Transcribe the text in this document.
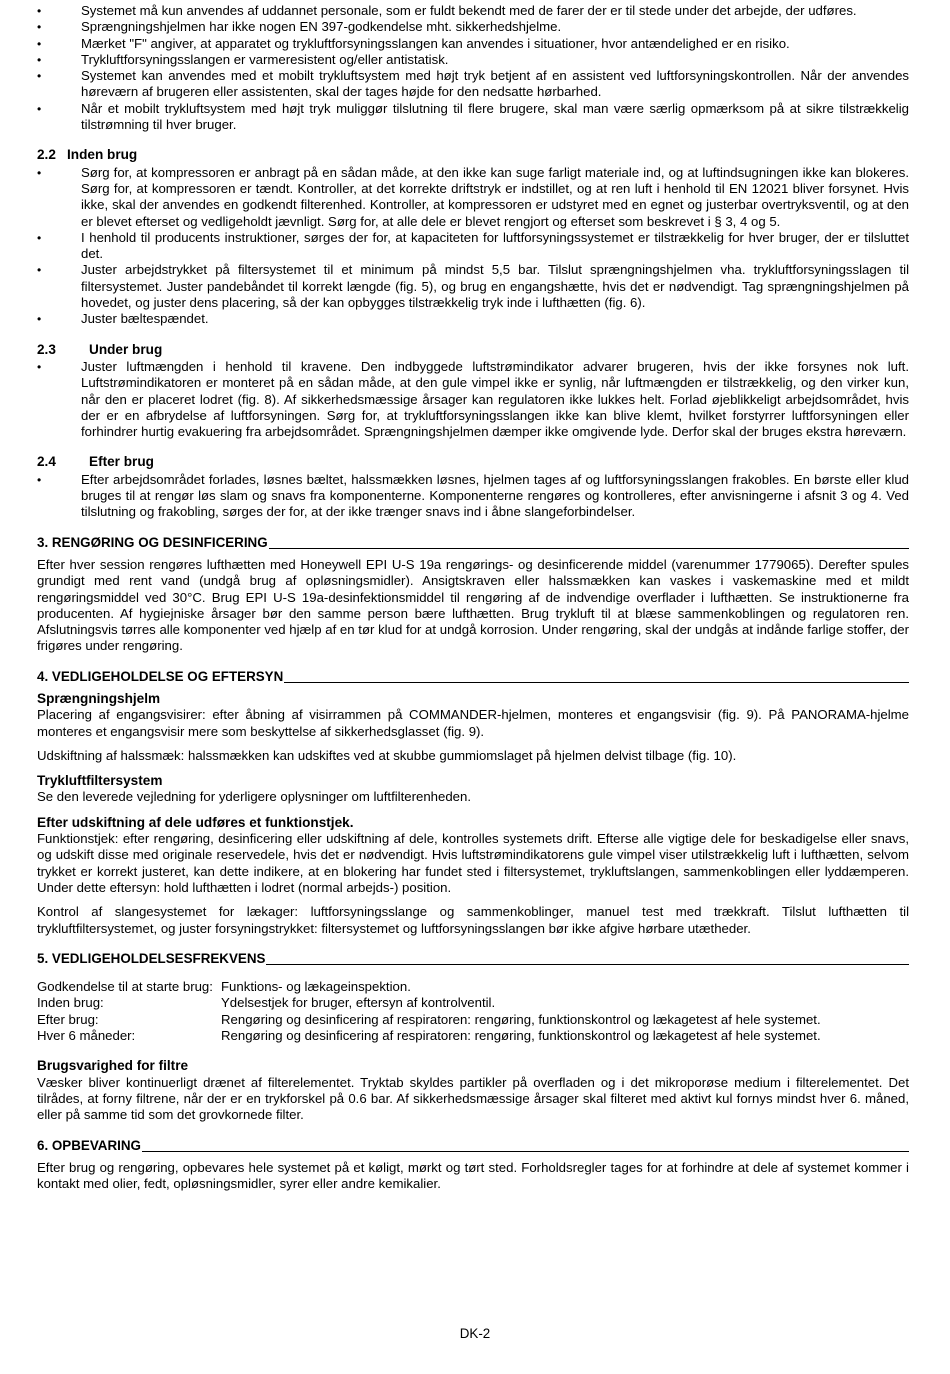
• Systemet må kun anvendes af uddannet personale, som er fuldt bekendt med de farer der er til stede under det arbejde, der udføres.
• Sprængningshjelmen har ikke nogen EN 397-godkendelse mht. sikkerhedshjelme.
• Mærket "F" angiver, at apparatet og trykluftforsyningsslangen kan anvendes i situationer, hvor antændelighed er en risiko.
• Trykluftforsyningsslangen er varmeresistent og/eller antistatisk.
• Systemet kan anvendes med et mobilt trykluftsystem med højt tryk betjent af en assistent ved luftforsyningskontrollen. Når der anvendes høreværn af brugeren eller assistenten, skal der tages højde for den nedsatte hørbarhed.
• Når et mobilt trykluftsystem med højt tryk muliggør tilslutning til flere brugere, skal man være særlig opmærksom på at sikre tilstrækkelig tilstrømning til hver bruger.
2.2 Inden brug
• Sørg for, at kompressoren er anbragt på en sådan måde, at den ikke kan suge farligt materiale ind, og at luftindsugningen ikke kan blokeres. Sørg for, at kompressoren er tændt. Kontroller, at det korrekte driftstryk er indstillet, og at ren luft i henhold til EN 12021 bliver forsynet. Hvis ikke, skal der anvendes en godkendt filterenhed. Kontroller, at kompressoren er udstyret med en egnet og justerbar overtryksventil, og at den er blevet efterset og vedligeholdt jævnligt. Sørg for, at alle dele er blevet rengjort og efterset som beskrevet i § 3, 4 og 5.
• I henhold til producents instruktioner, sørges der for, at kapaciteten for luftforsyningssystemet er tilstrækkelig for hver bruger, der er tilsluttet det.
• Juster arbejdstrykket på filtersystemet til et minimum på mindst 5,5 bar. Tilslut sprængningshjelmen vha. trykluftforsyningsslagen til filtersystemet. Juster pandebåndet til korrekt længde (fig. 5), og brug en engangshætte, hvis det er nødvendigt. Tag sprængningshjelmen på hovedet, og juster dens placering, så der kan opbygges tilstrækkelig tryk inde i lufthætten (fig. 6).
• Juster bæltespændet.
2.3	Under brug
• Juster luftmængden i henhold til kravene. Den indbyggede luftstrømindikator advarer brugeren, hvis der ikke forsynes nok luft. Luftstrømindikatoren er monteret på en sådan måde, at den gule vimpel ikke er synlig, når luftmængden er tilstrækkelig, og den virker kun, når den er placeret lodret (fig. 8). Af sikkerhedsmæssige årsager kan regulatoren ikke lukkes helt. Forlad øjeblikkeligt arbejdsområdet, hvis der er en afbrydelse af luftforsyningen. Sørg for, at trykluftforsyningsslangen ikke kan blive klemt, hvilket forstyrrer luftforsyningen eller forhindrer hurtig evakuering fra arbejdsområdet. Sprængningshjelmen dæmper ikke omgivende lyde. Derfor skal der bruges ekstra høreværn.
2.4	Efter brug
• Efter arbejdsområdet forlades, løsnes bæltet, halssmækken løsnes, hjelmen tages af og luftforsyningsslangen frakobles. En børste eller klud bruges til at rengør løs slam og snavs fra komponenterne. Komponenterne rengøres og kontrolleres, efter anvisningerne i afsnit 3 og 4. Ved tilslutning og frakobling, sørges der for, at der ikke trænger snavs ind i åbne slangeforbindelser.
3. RENGØRING OG DESINFICERING

Efter hver session rengøres lufthætten med Honeywell EPI U-S 19a rengørings- og desinficerende middel (varenummer 1779065). Derefter spules grundigt med rent vand (undgå brug af opløsningsmidler). Ansigtskraven eller halssmækken kan vaskes i vaskemaskine med et mildt rengøringsmiddel ved 30°C. Brug EPI U-S 19a-desinfektionsmiddel til rengøring af de indvendige overflader i lufthætten. Se instruktionerne fra producenten. Af hygiejniske årsager bør den samme person bære lufthætten. Brug trykluft til at blæse sammenkoblingen og regulatoren ren. Afslutningsvis tørres alle komponenter ved hjælp af en tør klud for at undgå korrosion. Under rengøring, skal der undgås at indånde farlige stoffer, der frigøres under rengøring.

4. VEDLIGEHOLDELSE OG EFTERSYN
Sprængningshjelm

Placering af engangsvisirer: efter åbning af visirrammen på COMMANDER-hjelmen, monteres et engangsvisir (fig. 9). På PANORAMA-hjelme monteres et engangsvisir mere som beskyttelse af sikkerhedsglasset (fig. 9).

Udskiftning af halssmæk: halssmækken kan udskiftes ved at skubbe gummiomslaget på hjelmen delvist tilbage (fig. 10).

Trykluftfiltersystem

Se den leverede vejledning for yderligere oplysninger om luftfilterenheden.

Efter udskiftning af dele udføres et funktionstjek.

Funktionstjek: efter rengøring, desinficering eller udskiftning af dele, kontrolles systemets drift. Efterse alle vigtige dele for beskadigelse eller snavs, og udskift disse med originale reservedele, hvis det er nødvendigt. Hvis luftstrømindikatorens gule vimpel viser utilstrækkelig luft i lufthætten, selvom trykket er korrekt justeret, kan dette indikere, at en blokering har fundet sted i filtersystemet, trykluftslangen, sammenkoblingen eller lyddæmperen. Under dette eftersyn: hold lufthætten i lodret (normal arbejds-) position.

Kontrol af slangesystemet for lækager: luftforsyningsslange og sammenkoblinger, manuel test med trækkraft. Tilslut lufthætten til trykluftfiltersystemet, og juster forsyningstrykket: filtersystemet og luftforsyningsslangen bør ikke afgive hørbare utætheder.

5. VEDLIGEHOLDELSESFREKVENS
Godkendelse til at starte brug:	Funktions- og lækageinspektion.
Inden brug:	Ydelsestjek for bruger, eftersyn af kontrolventil.
Efter brug:	Rengøring og desinficering af respiratoren: rengøring, funktionskontrol og lækagetest af hele systemet.
Hver 6 måneder:	Rengøring og desinficering af respiratoren: rengøring, funktionskontrol og lækagetest af hele systemet.
Brugsvarighed for filtre

Væsker bliver kontinuerligt drænet af filterelementet. Tryktab skyldes partikler på overfladen og i det mikroporøse medium i filterelementet. Det tilrådes, at forny filtrene, når der er en trykforskel på 0.6 bar. Af sikkerhedsmæssige årsager skal filteret med aktivt kul fornys mindst hver 6. måned, eller på samme tid som det grovkornede filter.

6. OPBEVARING

Efter brug og rengøring, opbevares hele systemet på et køligt, mørkt og tørt sted. Forholdsregler tages for at forhindre at dele af systemet kommer i kontakt med olier, fedt, opløsningsmidler, syrer eller andre kemikalier.

DK-2
